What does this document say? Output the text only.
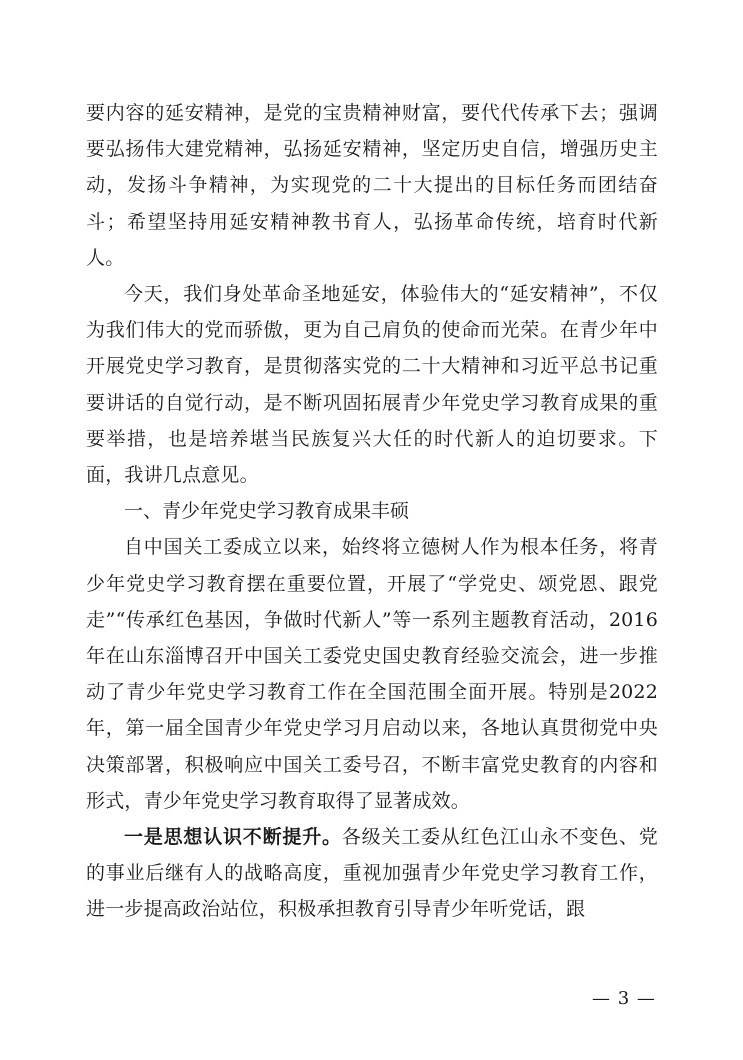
要内容的延安精神，是党的宝贵精神财富，要代代传承下去；强调要弘扬伟大建党精神，弘扬延安精神，坚定历史自信，增强历史主动，发扬斗争精神，为实现党的二十大提出的目标任务而团结奋斗；希望坚持用延安精神教书育人，弘扬革命传统，培育时代新人。

今天，我们身处革命圣地延安，体验伟大的“延安精神”，不仅为我们伟大的党而骄傲，更为自己肩负的使命而光荣。在青少年中开展党史学习教育，是贯彻落实党的二十大精神和习近平总书记重要讲话的自觉行动，是不断巩固拓展青少年党史学习教育成果的重要举措，也是培养堪当民族复兴大任的时代新人的迫切要求。下面，我讲几点意见。

一、青少年党史学习教育成果丰硕

自中国关工委成立以来，始终将立德树人作为根本任务，将青少年党史学习教育摆在重要位置，开展了“学党史、颂党恩、跟党走”“传承红色基因，争做时代新人”等一系列主题教育活动，2016年在山东淄博召开中国关工委党史国史教育经验交流会，进一步推动了青少年党史学习教育工作在全国范围全面开展。特别是2022年，第一届全国青少年党史学习月启动以来，各地认真贯彻党中央决策部署，积极响应中国关工委号召，不断丰富党史教育的内容和形式，青少年党史学习教育取得了显著成效。

一是思想认识不断提升。各级关工委从红色江山永不变色、党的事业后继有人的战略高度，重视加强青少年党史学习教育工作，进一步提高政治站位，积极承担教育引导青少年听党话，跟

— 3 —
